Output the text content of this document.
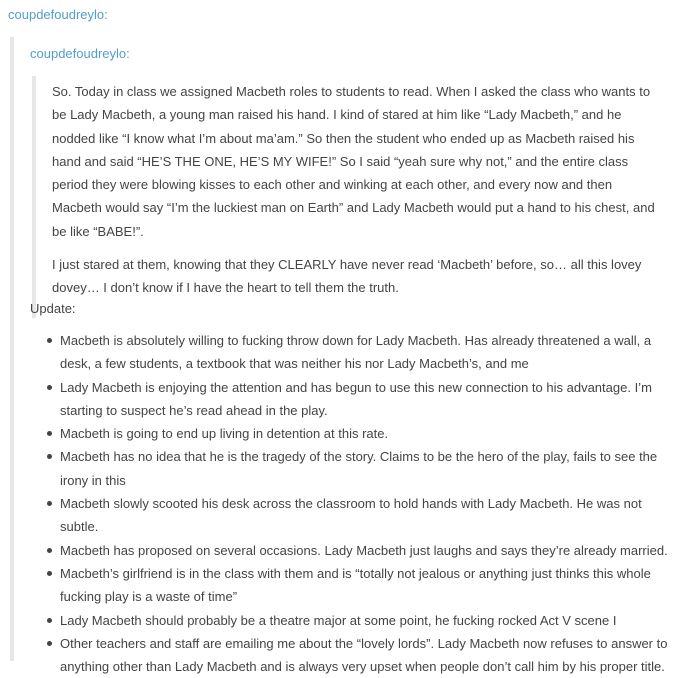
coupdefoudreylo:
coupdefoudreylo:

So. Today in class we assigned Macbeth roles to students to read. When I asked the class who wants to be Lady Macbeth, a young man raised his hand. I kind of stared at him like “Lady Macbeth,” and he nodded like “I know what I’m about ma’am.” So then the student who ended up as Macbeth raised his hand and said “HE’S THE ONE, HE’S MY WIFE!” So I said “yeah sure why not,” and the entire class period they were blowing kisses to each other and winking at each other, and every now and then Macbeth would say “I’m the luckiest man on Earth” and Lady Macbeth would put a hand to his chest, and be like “BABE!”.

I just stared at them, knowing that they CLEARLY have never read ‘Macbeth’ before, so… all this lovey dovey… I don’t know if I have the heart to tell them the truth.

Update:

Macbeth is absolutely willing to fucking throw down for Lady Macbeth. Has already threatened a wall, a desk, a few students, a textbook that was neither his nor Lady Macbeth’s, and me
Lady Macbeth is enjoying the attention and has begun to use this new connection to his advantage. I’m starting to suspect he’s read ahead in the play.
Macbeth is going to end up living in detention at this rate.
Macbeth has no idea that he is the tragedy of the story. Claims to be the hero of the play, fails to see the irony in this
Macbeth slowly scooted his desk across the classroom to hold hands with Lady Macbeth. He was not subtle.
Macbeth has proposed on several occasions. Lady Macbeth just laughs and says they’re already married.
Macbeth’s girlfriend is in the class with them and is “totally not jealous or anything just thinks this whole fucking play is a waste of time”
Lady Macbeth should probably be a theatre major at some point, he fucking rocked Act V scene I
Other teachers and staff are emailing me about the “lovely lords”. Lady Macbeth now refuses to answer to anything other than Lady Macbeth and is always very upset when people don’t call him by his proper title.
